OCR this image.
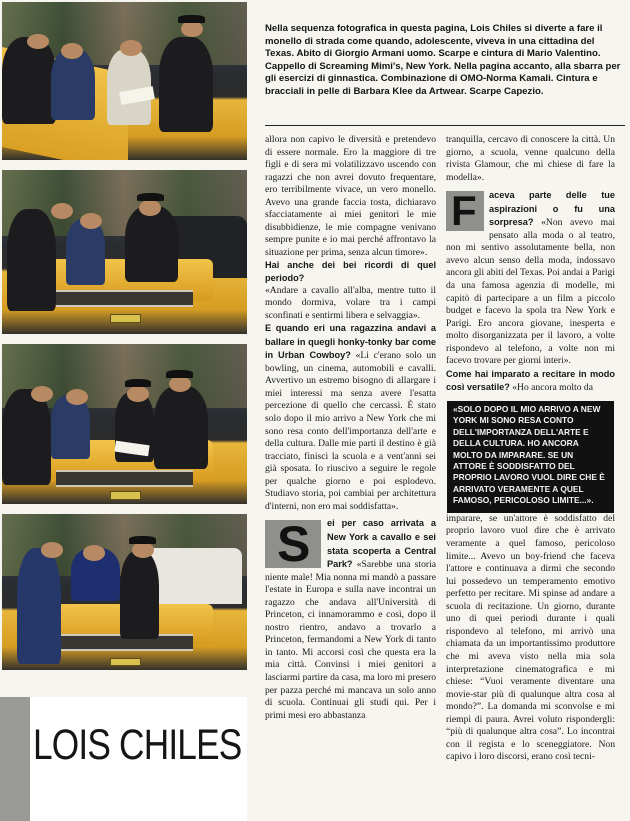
LOIS CHILES
Nella sequenza fotografica in questa pagina, Lois Chiles si diverte a fare il monello di strada come quando, adolescente, viveva in una cittadina del Texas. Abito di Giorgio Armani uomo. Scarpe e cintura di Mario Valentino. Cappello di Screaming Mimi's, New York. Nella pagina accanto, alla sbarra per gli esercizi di ginnastica. Combinazione di OMO-Norma Kamali. Cintura e bracciali in pelle di Barbara Klee da Artwear. Scarpe Capezio.

allora non capivo le diversità e pretendevo di essere normale. Ero la maggiore di tre figli e di sera mi volatilizzavo uscendo con ragazzi che non avrei dovuto frequentare, ero terribilmente vivace, un vero monello. Avevo una grande faccia tosta, dichiaravo sfacciatamente ai miei genitori le mie disubbidienze, le mie compagne venivano sempre punite e io mai perché affrontavo la situazione per prima, senza alcun timore».

Hai anche dei bei ricordi di quel periodo?

«Andare a cavallo all'alba, mentre tutto il mondo dormiva, volare tra i campi sconfinati e sentirmi libera e selvaggia».

E quando eri una ragazzina andavi a ballare in quegli honky-tonky bar come in Urban Cowboy? «Li c'erano solo un bowling, un cinema, automobili e cavalli. Avvertivo un estremo bisogno di allargare i miei interessi ma senza avere l'esatta percezione di quello che cercassi. È stato solo dopo il mio arrivo a New York che mi sono resa conto dell'importanza dell'arte e della cultura. Dalle mie parti il destino è già tracciato, finisci la scuola e a vent'anni sei già sposata. Io riuscivo a seguire le regole per qualche giorno e poi esplodevo. Studiavo storia, poi cambiai per architettura d'interni, non ero mai soddisfatta».

S ei per caso arrivata a New York a cavallo e sei stata scoperta a Central Park? «Sarebbe una storia niente male! Mia nonna mi mandò a passare l'estate in Europa e sulla nave incontrai un ragazzo che andava all'Università di Princeton, ci innamorammo e così, dopo il nostro rientro, andavo a trovarlo a Princeton, fermandomi a New York di tanto in tanto. Mi accorsi così che questa era la mia città. Convinsi i miei genitori a lasciarmi partire da casa, ma loro mi presero per pazza perché mi mancava un solo anno di scuola. Continuai gli studi qui. Per i primi mesi ero abbastanza

tranquilla, cercavo di conoscere la città. Un giorno, a scuola, venne qualcuno della rivista Glamour, che mi chiese di fare la modella».

F aceva parte delle tue aspirazioni o fu una sorpresa? «Non avevo mai pensato alla moda o al teatro, non mi sentivo assolutamente bella, non avevo alcun senso della moda, indossavo ancora gli abiti del Texas. Poi andai a Parigi da una famosa agenzia di modelle, mi capitò di partecipare a un film a piccolo budget e facevo la spola tra New York e Parigi. Ero ancora giovane, inesperta e molto disorganizzata per il lavoro, a volte rispondevo al telefono, a volte non mi facevo trovare per giorni interi».

Come hai imparato a recitare in modo così versatile? «Ho ancora molto da

imparare, se un'attore è soddisfatto del proprio lavoro vuol dire che è arrivato veramente a quel famoso, pericoloso limite... Avevo un boy-friend che faceva l'attore e continuava a dirmi che secondo lui possedevo un temperamento emotivo perfetto per recitare. Mi spinse ad andare a scuola di recitazione. Un giorno, durante uno di quei periodi durante i quali rispondevo al telefono, mi arrivò una chiamata da un importantissimo produttore che mi aveva visto nella mia sola interpretazione cinematografica e mi chiese: “Vuoi veramente diventare una movie-star più di qualunque altra cosa al mondo?”. La domanda mi sconvolse e mi riempì di paura. Avrei voluto rispondergli: “più di qualunque altra cosa”. Lo incontrai con il regista e lo sceneggiatore. Non capivo i loro discorsi, erano così tecni-

«SOLO DOPO IL MIO ARRIVO A NEW YORK MI SONO RESA CONTO DELL'IMPORTANZA DELL'ARTE E DELLA CULTURA. HO ANCORA MOLTO DA IMPARARE. SE UN ATTORE È SODDISFATTO DEL PROPRIO LAVORO VUOL DIRE CHE È ARRIVATO VERAMENTE A QUEL FAMOSO, PERICOLOSO LIMITE...».
